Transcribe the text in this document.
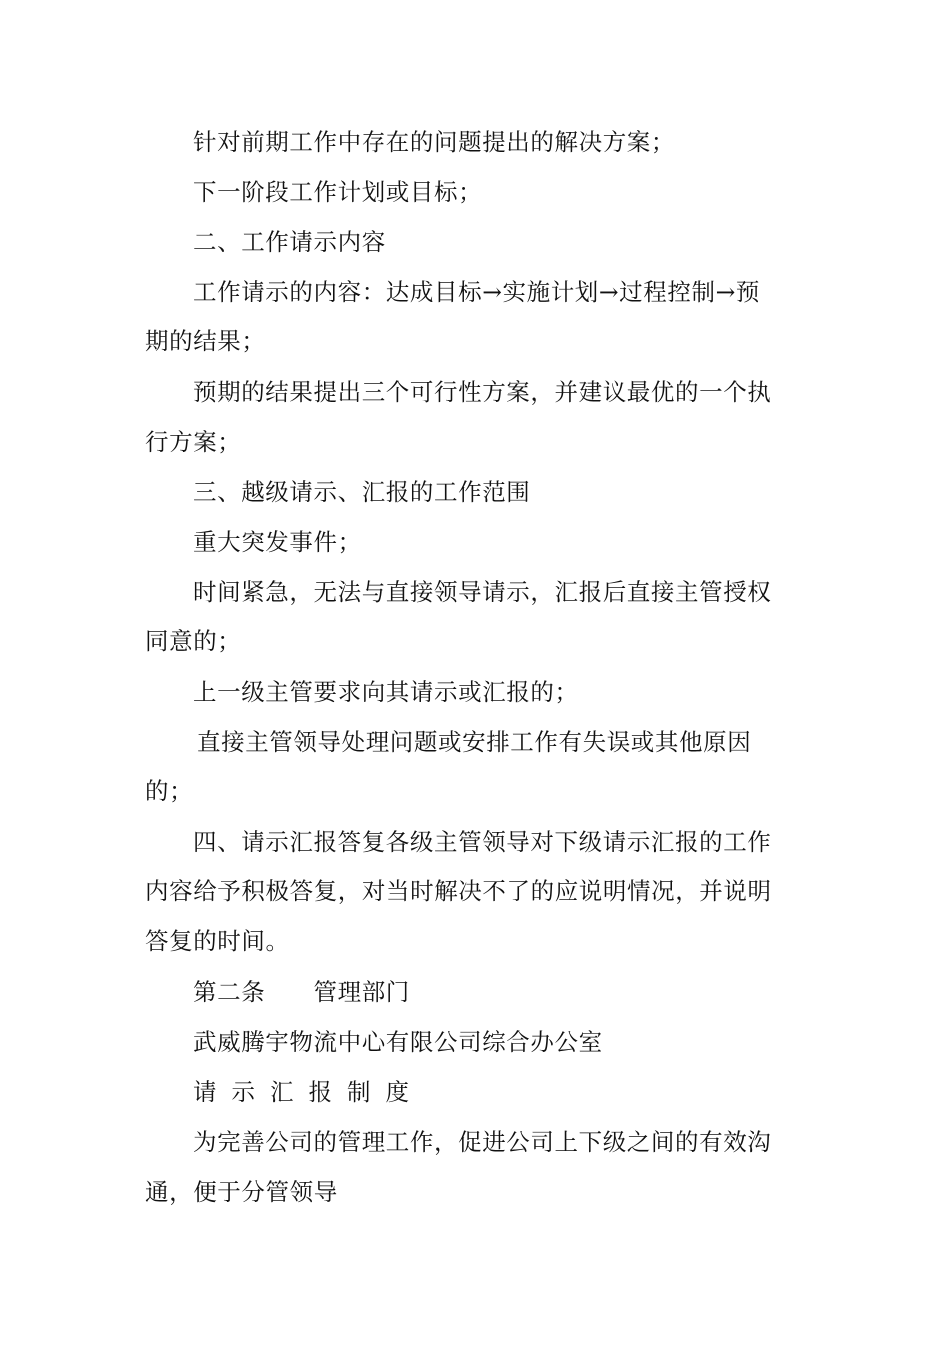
针对前期工作中存在的问题提出的解决方案；
下一阶段工作计划或目标；
二、工作请示内容
工作请示的内容：达成目标→实施计划→过程控制→预
期的结果；
预期的结果提出三个可行性方案，并建议最优的一个执
行方案；
三、越级请示、汇报的工作范围
重大突发事件；
时间紧急，无法与直接领导请示，汇报后直接主管授权
同意的；
上一级主管要求向其请示或汇报的；
直接主管领导处理问题或安排工作有失误或其他原因
的；
四、请示汇报答复各级主管领导对下级请示汇报的工作
内容给予积极答复，对当时解决不了的应说明情况，并说明
答复的时间。
第二条　　管理部门
武威腾宇物流中心有限公司综合办公室
请示汇报制度
为完善公司的管理工作，促进公司上下级之间的有效沟
通，便于分管领导
